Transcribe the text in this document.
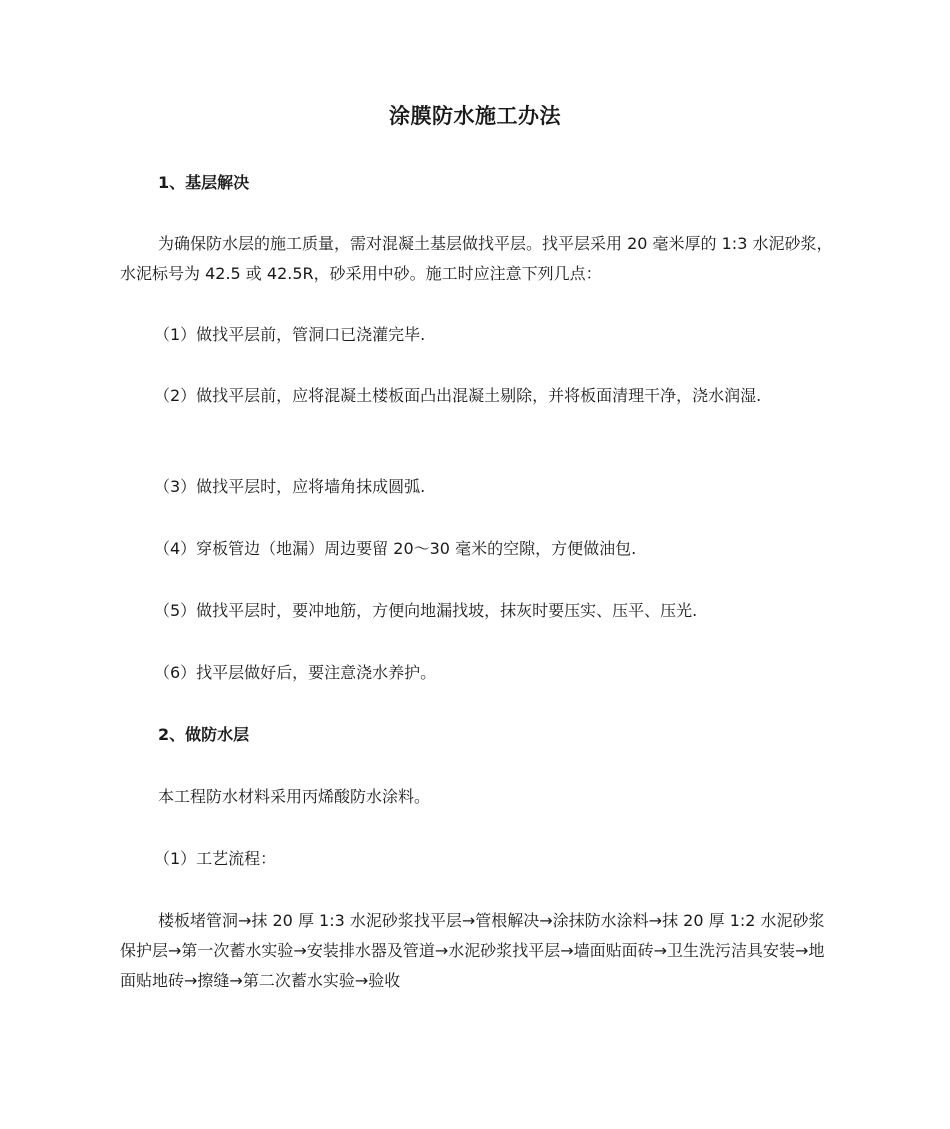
涂膜防水施工办法
1、基层解决
为确保防水层的施工质量，需对混凝土基层做找平层。找平层采用 20 毫米厚的 1:3 水泥砂浆，水泥标号为 42.5 或 42.5R，砂采用中砂。施工时应注意下列几点：
（1）做找平层前，管洞口已浇灌完毕.
（2）做找平层前，应将混凝土楼板面凸出混凝土剔除，并将板面清理干净，浇水润湿.
（3）做找平层时，应将墙角抹成圆弧.
（4）穿板管边（地漏）周边要留 20～30 毫米的空隙，方便做油包.
（5）做找平层时，要冲地筋，方便向地漏找坡，抹灰时要压实、压平、压光.
（6）找平层做好后，要注意浇水养护。
2、做防水层
本工程防水材料采用丙烯酸防水涂料。
（1）工艺流程：
楼板堵管洞→抹 20 厚 1:3 水泥砂浆找平层→管根解决→涂抹防水涂料→抹 20 厚 1:2 水泥砂浆保护层→第一次蓄水实验→安装排水器及管道→水泥砂浆找平层→墙面贴面砖→卫生洗污洁具安装→地面贴地砖→擦缝→第二次蓄水实验→验收
